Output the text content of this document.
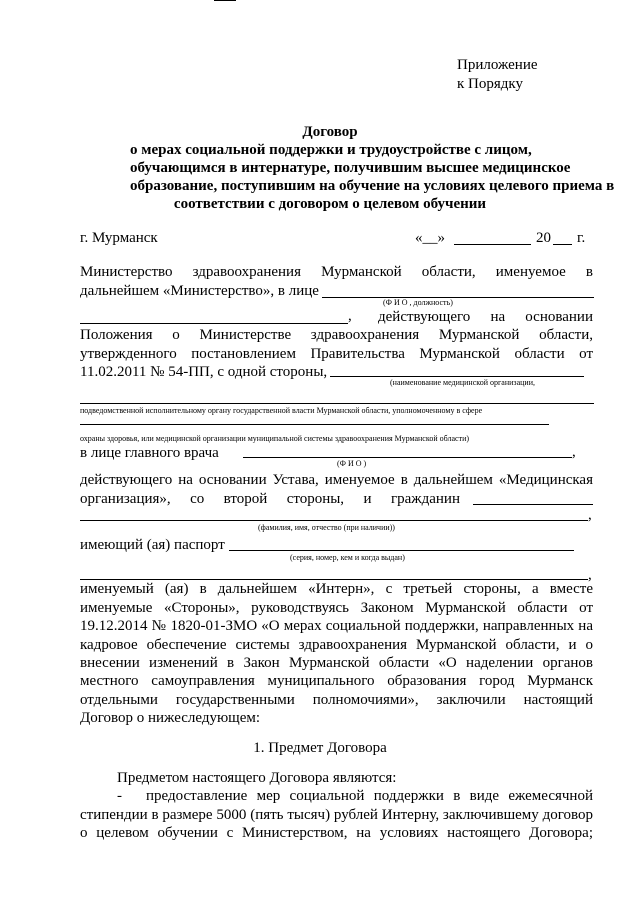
Приложение
к Порядку
Договор
о мерах социальной поддержки и трудоустройстве с лицом,
обучающимся в интернатуре, получившим высшее медицинское
образование, поступившим на обучение на условиях целевого приема в
соответствии с договором о целевом обучении
г. Мурманск	«__»	20 г.
Министерство здравоохранения Мурманской области, именуемое в
дальнейшем «Министерство», в лице
(Ф И О , должность)
, действующего на основании
Положения о Министерстве здравоохранения Мурманской области,
утвержденного постановлением Правительства Мурманской области от
11.02.2011 № 54-ПП, с одной стороны,
(наименование медицинской организации,
подведомственной исполнительному органу государственной власти Мурманской области, уполномоченному в сфере
охраны здоровья, или медицинской организации муниципальной системы здравоохранения Мурманской области)
в лице главного врача	,
(Ф И О )
действующего на основании Устава, именуемое в дальнейшем «Медицинская
организация», со второй стороны, и гражданин
,
(фамилия, имя, отчество (при наличии))
имеющий (ая) паспорт
(серия, номер, кем и когда выдан)
,
именуемый (ая) в дальнейшем «Интерн», с третьей стороны, а вместе
именуемые «Стороны», руководствуясь Законом Мурманской области от
19.12.2014 № 1820-01-ЗМО «О мерах социальной поддержки, направленных на
кадровое обеспечение системы здравоохранения Мурманской области, и о
внесении изменений в Закон Мурманской области «О наделении органов
местного самоуправления муниципального образования город Мурманск
отдельными государственными полномочиями», заключили настоящий
Договор о нижеследующем:
1. Предмет Договора
Предметом настоящего Договора являются:
- предоставление мер социальной поддержки в виде ежемесячной
стипендии в размере 5000 (пять тысяч) рублей Интерну, заключившему договор
о целевом обучении с Министерством, на условиях настоящего Договора;
